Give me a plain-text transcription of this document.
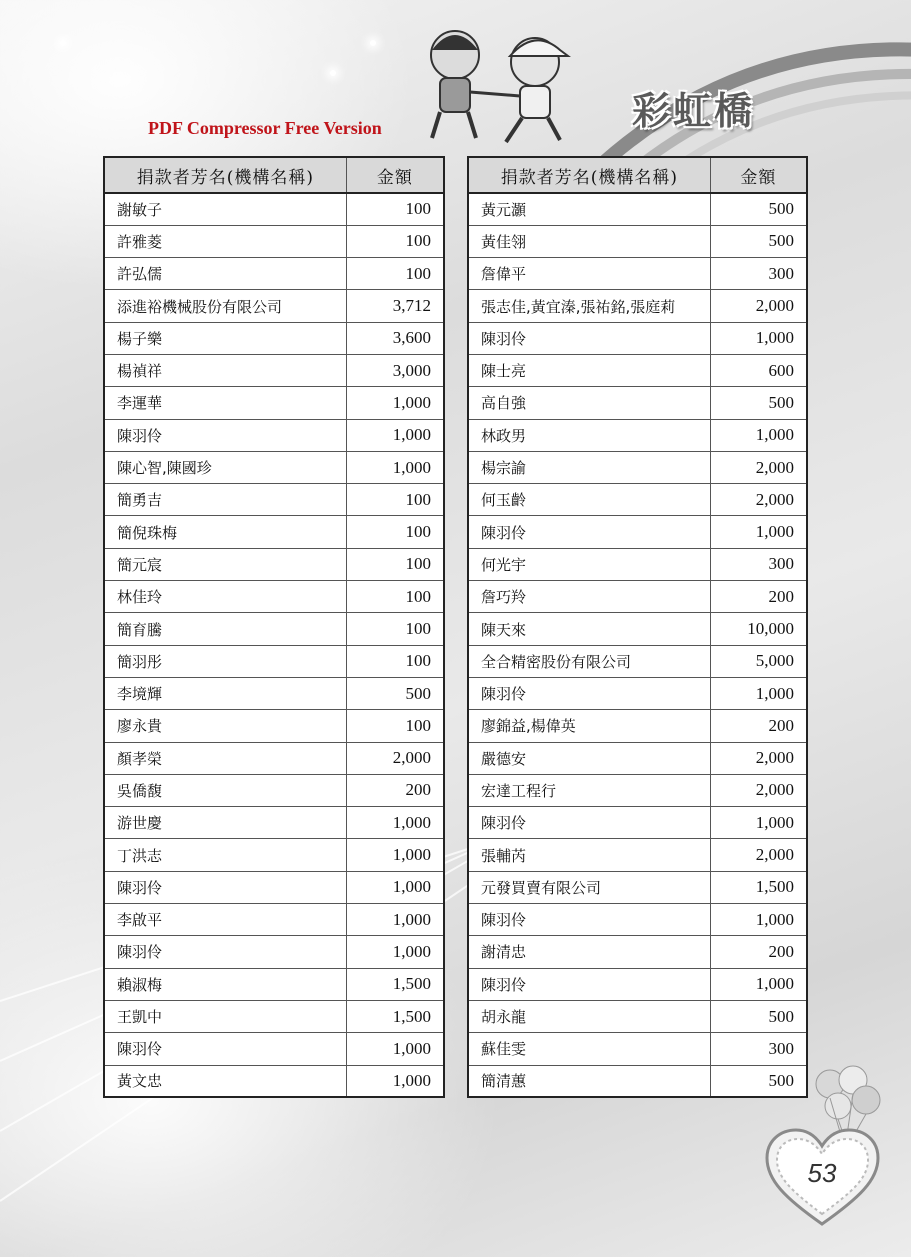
PDF Compressor Free Version	彩虹橋
捐款者芳名(機構名稱)	金額
謝敏子	100
許雅菱	100
許弘儒	100
添進裕機械股份有限公司	3,712
楊子樂	3,600
楊禎祥	3,000
李運華	1,000
陳羽伶	1,000
陳心智,陳國珍	1,000
簡勇吉	100
簡倪珠梅	100
簡元宸	100
林佳玲	100
簡育騰	100
簡羽彤	100
李境輝	500
廖永貴	100
顏孝榮	2,000
吳僑馥	200
游世慶	1,000
丁洪志	1,000
陳羽伶	1,000
李啟平	1,000
陳羽伶	1,000
賴淑梅	1,500
王凱中	1,500
陳羽伶	1,000
黃文忠	1,000
捐款者芳名(機構名稱)	金額
黃元灝	500
黃佳翎	500
詹偉平	300
張志佳,黃宜溱,張祐銘,張庭莉	2,000
陳羽伶	1,000
陳士亮	600
高自強	500
林政男	1,000
楊宗諭	2,000
何玉齡	2,000
陳羽伶	1,000
何光宇	300
詹巧羚	200
陳天來	10,000
全合精密股份有限公司	5,000
陳羽伶	1,000
廖錦益,楊偉英	200
嚴德安	2,000
宏達工程行	2,000
陳羽伶	1,000
張輔芮	2,000
元發買賣有限公司	1,500
陳羽伶	1,000
謝清忠	200
陳羽伶	1,000
胡永龍	500
蘇佳雯	300
簡清蕙	500
53
